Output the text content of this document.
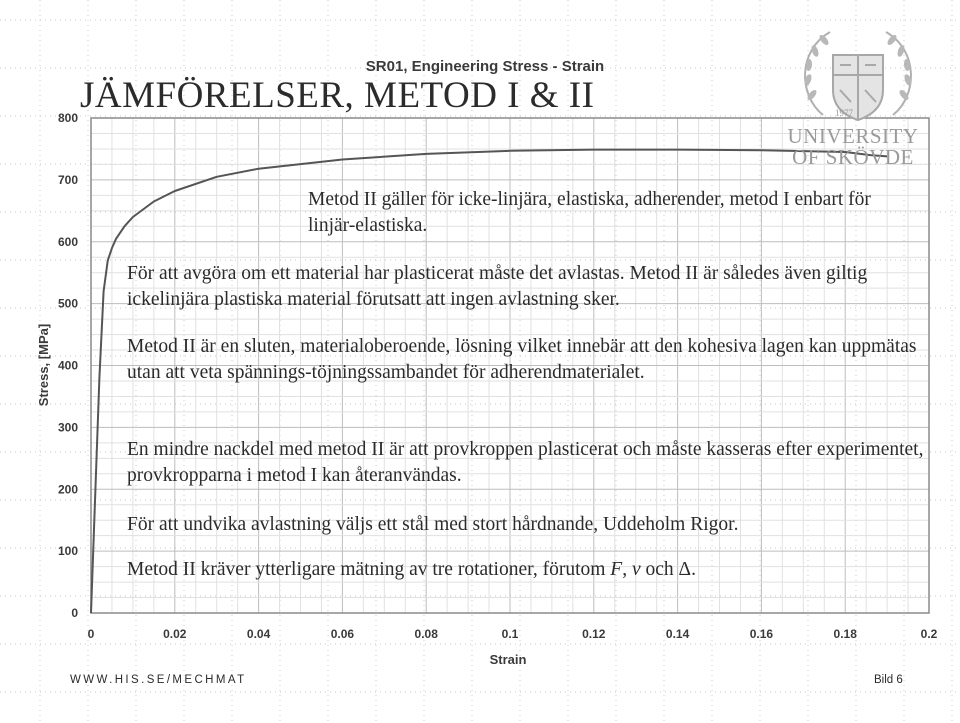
SR01, Engineering Stress - Strain
0
100
200
300
400
500
600
700
800
0	0.02	0.04	0.06	0.08	0.1	0.12	0.14	0.16	0.18	0.2
Strain
Stress, [MPa]
JÄMFÖRELSER, METOD I & II	1977
UNIVERSITY
OF SKÖVDE

Metod II gäller för icke-linjära, elastiska, adherender, metod I enbart för linjär-elastiska.

För att avgöra om ett material har plasticerat måste det avlastas. Metod II är således även giltig ickelinjära plastiska material förutsatt att ingen avlastning sker.

Metod II är en sluten, materialoberoende, lösning vilket innebär att den kohesiva lagen kan uppmätas utan att veta spännings-töjningssambandet för adherendmaterialet.

En mindre nackdel med metod II är att provkroppen plasticerat och måste kasseras efter experimentet, provkropparna i metod I kan återanvändas.

För att undvika avlastning väljs ett stål med stort hårdnande, Uddeholm Rigor.

Metod II kräver ytterligare mätning av tre rotationer, förutom F, v och Δ.

WWW.HIS.SE/MECHMAT	Bild 6
